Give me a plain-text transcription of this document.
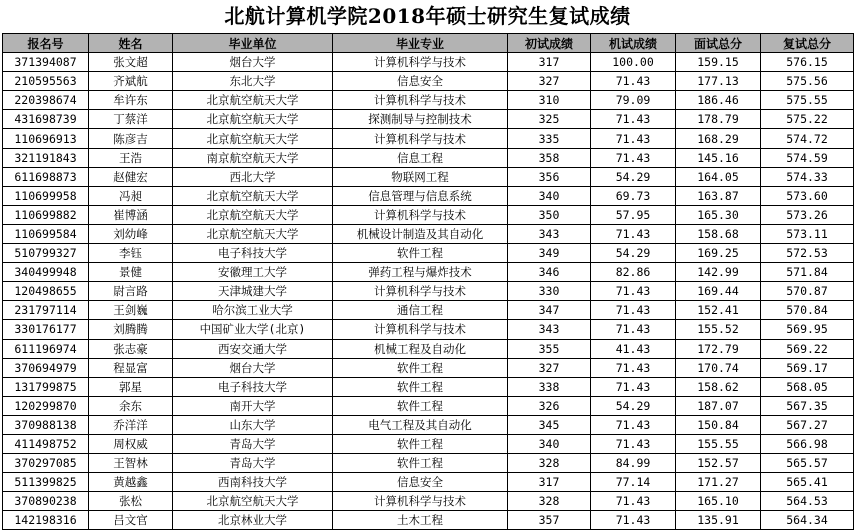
北航计算机学院2018年硕士研究生复试成绩
报名号	姓名	毕业单位	毕业专业	初试成绩	机试成绩	面试总分	复试总分
371394087	张文超	烟台大学	计算机科学与技术	317	100.00	159.15	576.15
210595563	齐斌航	东北大学	信息安全	327	71.43	177.13	575.56
220398674	牟许东	北京航空航天大学	计算机科学与技术	310	79.09	186.46	575.55
431698739	丁蔡洋	北京航空航天大学	探测制导与控制技术	325	71.43	178.79	575.22
110696913	陈彦吉	北京航空航天大学	计算机科学与技术	335	71.43	168.29	574.72
321191843	王浩	南京航空航天大学	信息工程	358	71.43	145.16	574.59
611698873	赵健宏	西北大学	物联网工程	356	54.29	164.05	574.33
110699958	冯昶	北京航空航天大学	信息管理与信息系统	340	69.73	163.87	573.60
110699882	崔博涵	北京航空航天大学	计算机科学与技术	350	57.95	165.30	573.26
110699584	刘幼峰	北京航空航天大学	机械设计制造及其自动化	343	71.43	158.68	573.11
510799327	李钰	电子科技大学	软件工程	349	54.29	169.25	572.53
340499948	景健	安徽理工大学	弹药工程与爆炸技术	346	82.86	142.99	571.84
120498655	尉言路	天津城建大学	计算机科学与技术	330	71.43	169.44	570.87
231797114	王剑巍	哈尔滨工业大学	通信工程	347	71.43	152.41	570.84
330176177	刘腾腾	中国矿业大学(北京)	计算机科学与技术	343	71.43	155.52	569.95
611196974	张志豪	西安交通大学	机械工程及自动化	355	41.43	172.79	569.22
370694979	程显富	烟台大学	软件工程	327	71.43	170.74	569.17
131799875	郭星	电子科技大学	软件工程	338	71.43	158.62	568.05
120299870	余东	南开大学	软件工程	326	54.29	187.07	567.35
370988138	乔洋洋	山东大学	电气工程及其自动化	345	71.43	150.84	567.27
411498752	周权威	青岛大学	软件工程	340	71.43	155.55	566.98
370297085	王智林	青岛大学	软件工程	328	84.99	152.57	565.57
511399825	黄越鑫	西南科技大学	信息安全	317	77.14	171.27	565.41
370890238	张松	北京航空航天大学	计算机科学与技术	328	71.43	165.10	564.53
142198316	吕文官	北京林业大学	土木工程	357	71.43	135.91	564.34
